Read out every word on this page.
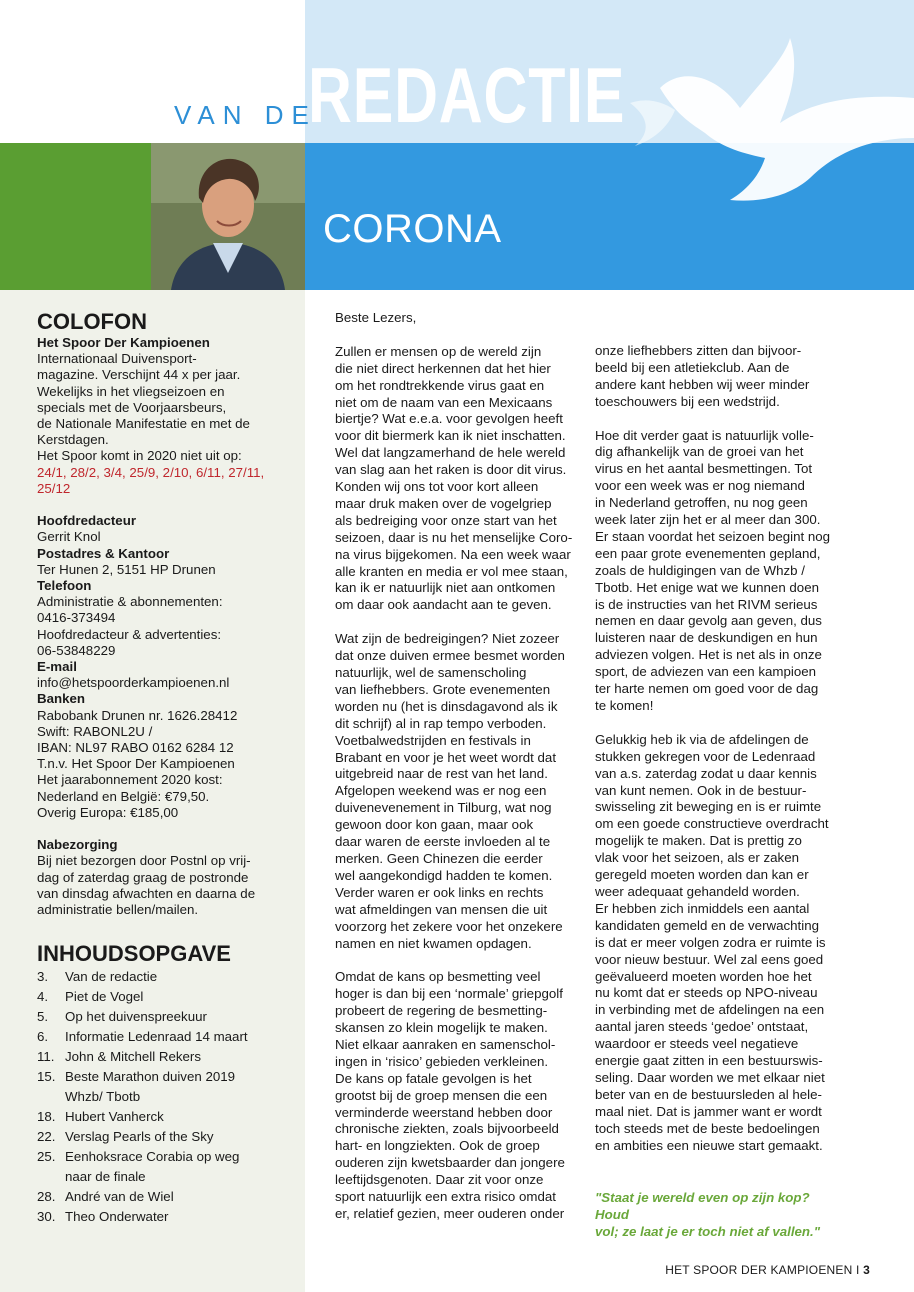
VAN DE
REDACTIE
CORONA
COLOFON
Het Spoor Der Kampioenen
Internationaal Duivensport-
magazine. Verschijnt 44 x per jaar.
Wekelijks in het vliegseizoen en
specials met de Voorjaarsbeurs,
de Nationale Manifestatie en met de
Kerstdagen.
Het Spoor komt in 2020 niet uit op:
24/1, 28/2, 3/4, 25/9, 2/10, 6/11, 27/11,
25/12
Hoofdredacteur
Gerrit Knol
Postadres & Kantoor
Ter Hunen 2, 5151 HP Drunen
Telefoon
Administratie & abonnementen:
0416-373494
Hoofdredacteur & advertenties:
06-53848229
E-mail
info@hetspoorderkampioenen.nl
Banken
Rabobank Drunen nr. 1626.28412
Swift: RABONL2U /
IBAN: NL97 RABO 0162 6284 12
T.n.v. Het Spoor Der Kampioenen
Het jaarabonnement 2020 kost:
Nederland en België: €79,50.
Overig Europa: €185,00
Nabezorging
Bij niet bezorgen door Postnl op vrij-
dag of zaterdag graag de postronde
van dinsdag afwachten en daarna de
administratie bellen/mailen.
INHOUDSOPGAVE
3.	Van de redactie
4.	Piet de Vogel
5.	Op het duivenspreekuur
6.	Informatie Ledenraad 14 maart
11. John & Mitchell Rekers
15. Beste Marathon duiven 2019
Whzb/ Tbotb
18. Hubert Vanherck
22. Verslag Pearls of the Sky
25. Eenhoksrace Corabia op weg
naar de finale
28. André van de Wiel
30. Theo Onderwater

Beste Lezers,

Zullen er mensen op de wereld zijn
die niet direct herkennen dat het hier
om het rondtrekkende virus gaat en
niet om de naam van een Mexicaans
biertje? Wat e.e.a. voor gevolgen heeft
voor dit biermerk kan ik niet inschatten.
Wel dat langzamerhand de hele wereld
van slag aan het raken is door dit virus.
Konden wij ons tot voor kort alleen
maar druk maken over de vogelgriep
als bedreiging voor onze start van het
seizoen, daar is nu het menselijke Coro-
na virus bijgekomen. Na een week waar
alle kranten en media er vol mee staan,
kan ik er natuurlijk niet aan ontkomen
om daar ook aandacht aan te geven.

Wat zijn de bedreigingen? Niet zozeer
dat onze duiven ermee besmet worden
natuurlijk, wel de samenscholing
van liefhebbers. Grote evenementen
worden nu (het is dinsdagavond als ik
dit schrijf) al in rap tempo verboden.
Voetbalwedstrijden en festivals in
Brabant en voor je het weet wordt dat
uitgebreid naar de rest van het land.
Afgelopen weekend was er nog een
duivenevenement in Tilburg, wat nog
gewoon door kon gaan, maar ook
daar waren de eerste invloeden al te
merken. Geen Chinezen die eerder
wel aangekondigd hadden te komen.
Verder waren er ook links en rechts
wat afmeldingen van mensen die uit
voorzorg het zekere voor het onzekere
namen en niet kwamen opdagen.

Omdat de kans op besmetting veel
hoger is dan bij een ‘normale’ griepgolf
probeert de regering de besmetting-
skansen zo klein mogelijk te maken.
Niet elkaar aanraken en samenschol-
ingen in ‘risico’ gebieden verkleinen.
De kans op fatale gevolgen is het
grootst bij de groep mensen die een
verminderde weerstand hebben door
chronische ziekten, zoals bijvoorbeeld
hart- en longziekten. Ook de groep
ouderen zijn kwetsbaarder dan jongere
leeftijdsgenoten. Daar zit voor onze
sport natuurlijk een extra risico omdat
er, relatief gezien, meer ouderen onder

onze liefhebbers zitten dan bijvoor-
beeld bij een atletiekclub. Aan de
andere kant hebben wij weer minder
toeschouwers bij een wedstrijd.

Hoe dit verder gaat is natuurlijk volle-
dig afhankelijk van de groei van het
virus en het aantal besmettingen. Tot
voor een week was er nog niemand
in Nederland getroffen, nu nog geen
week later zijn het er al meer dan 300.
Er staan voordat het seizoen begint nog
een paar grote evenementen gepland,
zoals de huldigingen van de Whzb /
Tbotb. Het enige wat we kunnen doen
is de instructies van het RIVM serieus
nemen en daar gevolg aan geven, dus
luisteren naar de deskundigen en hun
adviezen volgen. Het is net als in onze
sport, de adviezen van een kampioen
ter harte nemen om goed voor de dag
te komen!

Gelukkig heb ik via de afdelingen de
stukken gekregen voor de Ledenraad
van a.s. zaterdag zodat u daar kennis
van kunt nemen. Ook in de bestuur-
swisseling zit beweging en is er ruimte
om een goede constructieve overdracht
mogelijk te maken. Dat is prettig zo
vlak voor het seizoen, als er zaken
geregeld moeten worden dan kan er
weer adequaat gehandeld worden.
Er hebben zich inmiddels een aantal
kandidaten gemeld en de verwachting
is dat er meer volgen zodra er ruimte is
voor nieuw bestuur. Wel zal eens goed
geëvalueerd moeten worden hoe het
nu komt dat er steeds op NPO-niveau
in verbinding met de afdelingen na een
aantal jaren steeds ‘gedoe’ ontstaat,
waardoor er steeds veel negatieve
energie gaat zitten in een bestuurswis-
seling. Daar worden we met elkaar niet
beter van en de bestuursleden al hele-
maal niet. Dat is jammer want er wordt
toch steeds met de beste bedoelingen
en ambities een nieuwe start gemaakt.

"Staat je wereld even op zijn kop? Houd
vol; ze laat je er toch niet af vallen."
HET SPOOR DER KAMPIOENEN I 3
